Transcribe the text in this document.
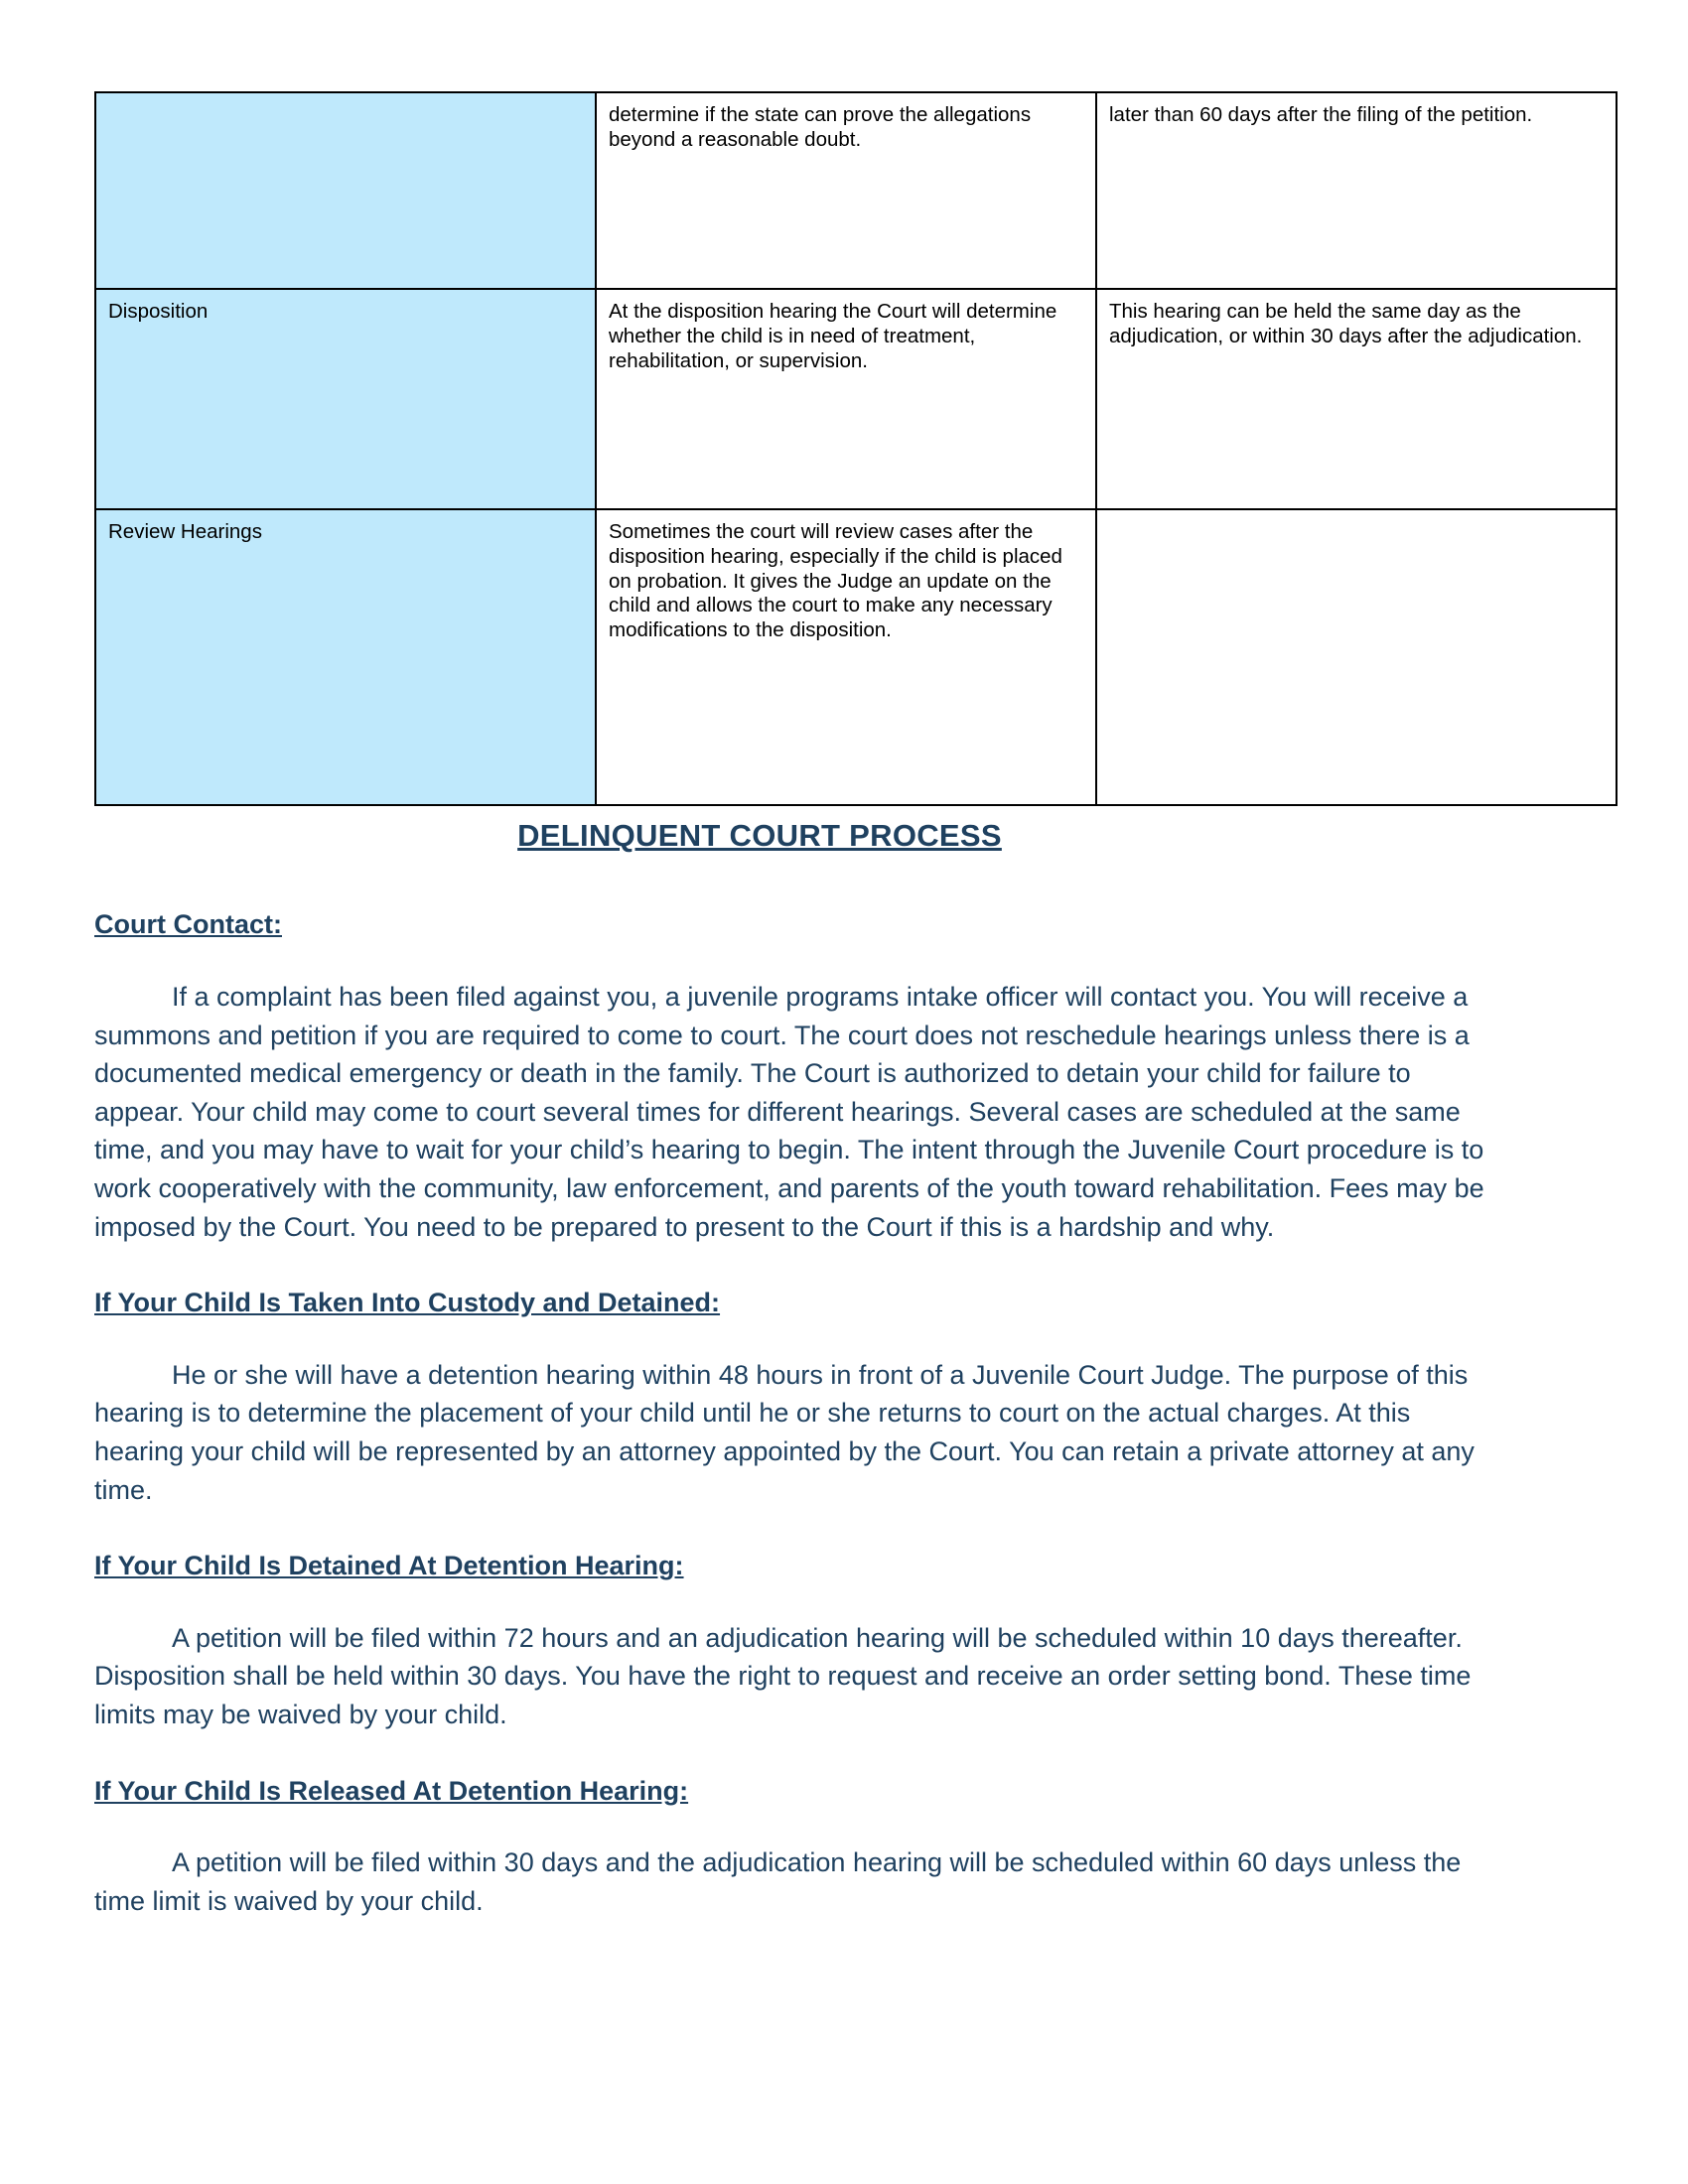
	determine if the state can prove the allegations beyond a reasonable doubt.	later than 60 days after the filing of the petition.

Disposition	At the disposition hearing the Court will determine whether the child is in need of treatment, rehabilitation, or supervision.	This hearing can be held the same day as the adjudication, or within 30 days after the adjudication.

Review Hearings	Sometimes the court will review cases after the disposition hearing, especially if the child is placed on probation. It gives the Judge an update on the child and allows the court to make any necessary modifications to the disposition.	

DELINQUENT COURT PROCESS
Court Contact:

If a complaint has been filed against you, a juvenile programs intake officer will contact you. You will receive a summons and petition if you are required to come to court. The court does not reschedule hearings unless there is a documented medical emergency or death in the family. The Court is authorized to detain your child for failure to appear. Your child may come to court several times for different hearings. Several cases are scheduled at the same time, and you may have to wait for your child’s hearing to begin. The intent through the Juvenile Court procedure is to work cooperatively with the community, law enforcement, and parents of the youth toward rehabilitation. Fees may be imposed by the Court. You need to be prepared to present to the Court if this is a hardship and why.

If Your Child Is Taken Into Custody and Detained:

He or she will have a detention hearing within 48 hours in front of a Juvenile Court Judge. The purpose of this hearing is to determine the placement of your child until he or she returns to court on the actual charges. At this hearing your child will be represented by an attorney appointed by the Court. You can retain a private attorney at any time.

If Your Child Is Detained At Detention Hearing:

A petition will be filed within 72 hours and an adjudication hearing will be scheduled within 10 days thereafter. Disposition shall be held within 30 days. You have the right to request and receive an order setting bond. These time limits may be waived by your child.

If Your Child Is Released At Detention Hearing:

A petition will be filed within 30 days and the adjudication hearing will be scheduled within 60 days unless the time limit is waived by your child.
